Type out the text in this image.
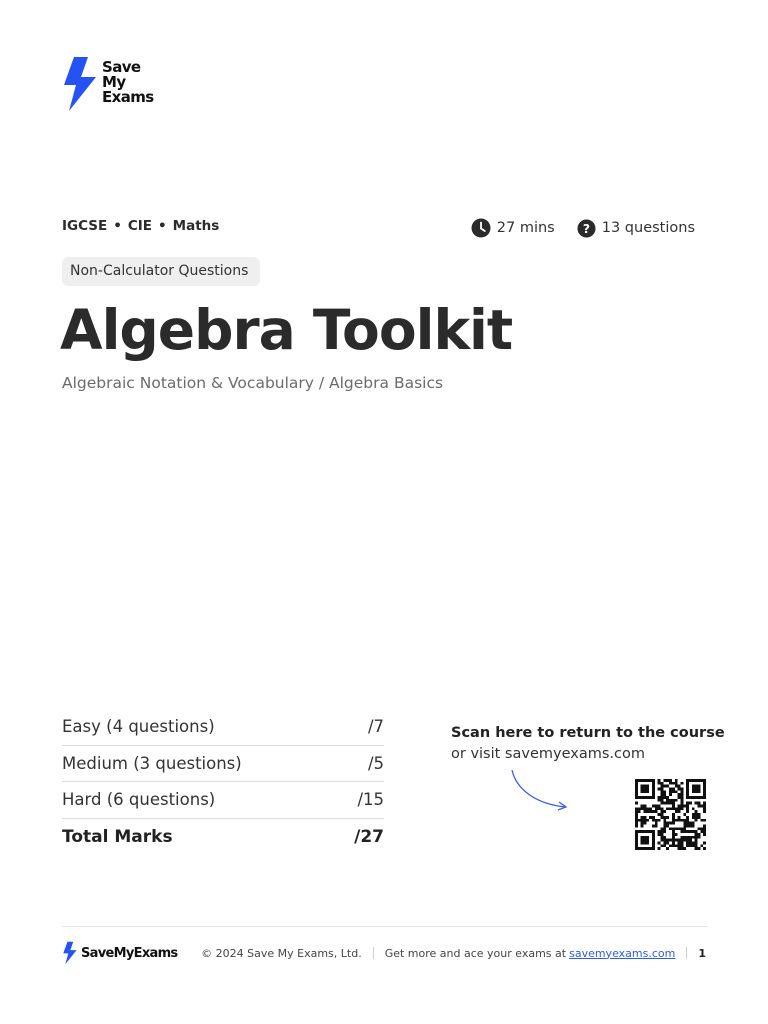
Save
My
Exams
IGCSE • CIE • Maths	27 mins ? 13 questions
Non-Calculator Questions
Algebra Toolkit
Algebraic Notation & Vocabulary / Algebra Basics
Easy (4 questions)	/7
Medium (3 questions)	/5
Hard (6 questions)	/15
Total Marks	/27
Scan here to return to the course
or visit savemyexams.com
SaveMyExams © 2024 Save My Exams, Ltd. Get more and ace your exams at savemyexams.com 1
